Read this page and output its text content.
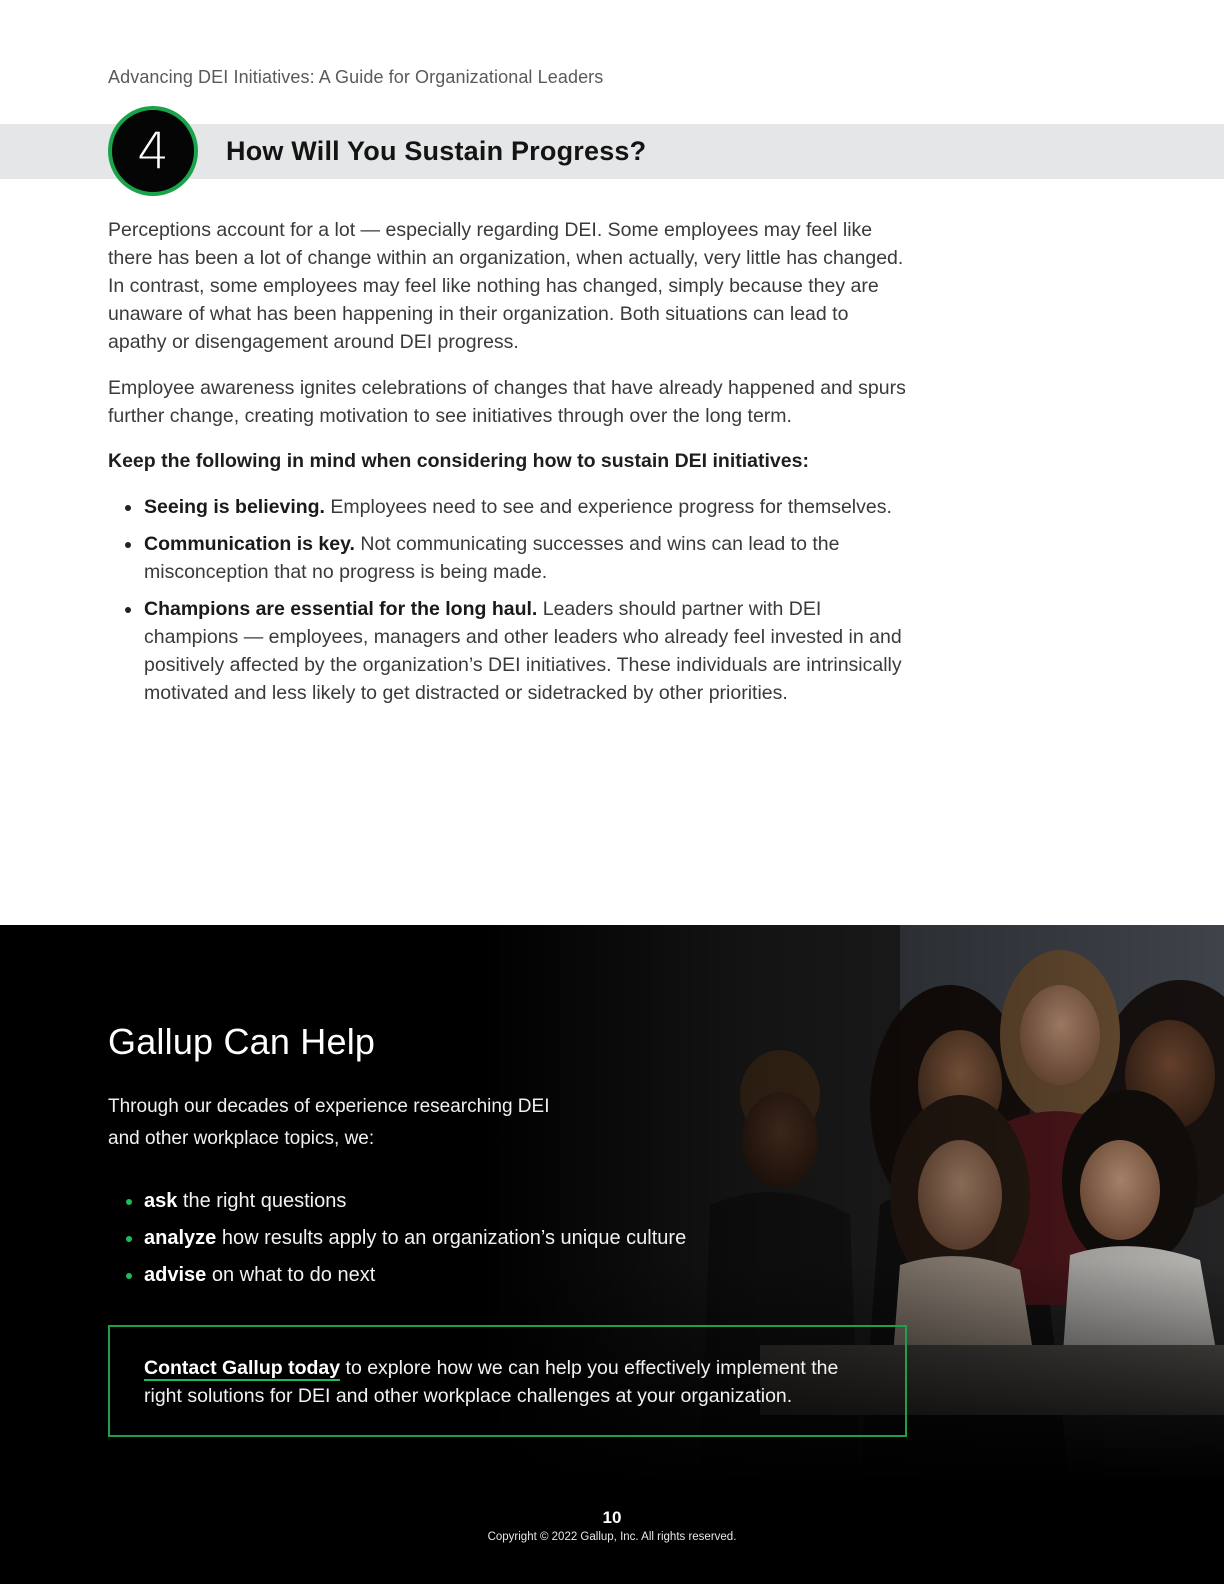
Advancing DEI Initiatives: A Guide for Organizational Leaders
4	How Will You Sustain Progress?

Perceptions account for a lot — especially regarding DEI. Some employees may feel like there has been a lot of change within an organization, when actually, very little has changed. In contrast, some employees may feel like nothing has changed, simply because they are unaware of what has been happening in their organization. Both situations can lead to apathy or disengagement around DEI progress.

Employee awareness ignites celebrations of changes that have already happened and spurs further change, creating motivation to see initiatives through over the long term.

Keep the following in mind when considering how to sustain DEI initiatives:

Seeing is believing. Employees need to see and experience progress for themselves.
Communication is key. Not communicating successes and wins can lead to the misconception that no progress is being made.
Champions are essential for the long haul. Leaders should partner with DEI champions — employees, managers and other leaders who already feel invested in and positively affected by the organization’s DEI initiatives. These individuals are intrinsically motivated and less likely to get distracted or sidetracked by other priorities.
Gallup Can Help
Through our decades of experience researching DEI and other workplace topics, we:
ask the right questions
analyze how results apply to an organization’s unique culture
advise on what to do next
Contact Gallup today to explore how we can help you effectively implement the right solutions for DEI and other workplace challenges at your organization.
10
Copyright © 2022 Gallup, Inc. All rights reserved.
